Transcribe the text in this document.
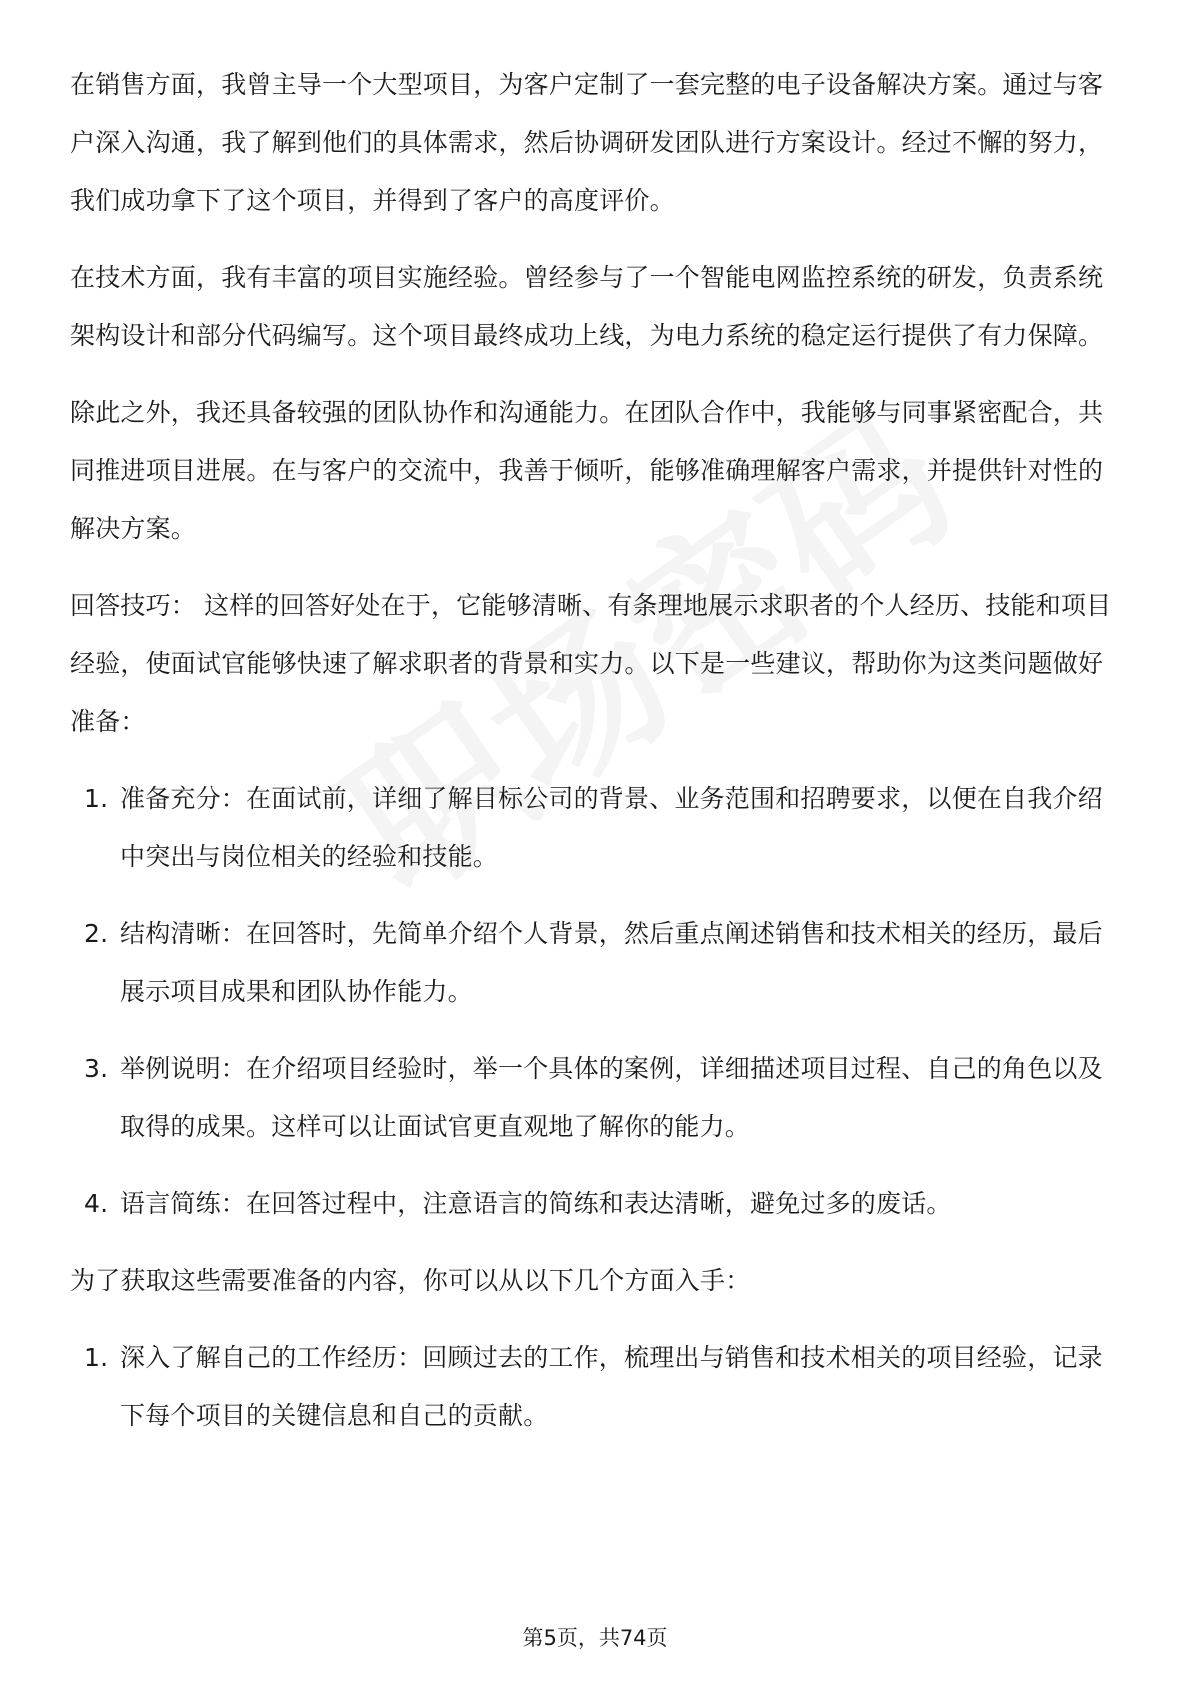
在销售方面，我曾主导一个大型项目，为客户定制了一套完整的电子设备解决方案。通过与客户深入沟通，我了解到他们的具体需求，然后协调研发团队进行方案设计。经过不懈的努力，我们成功拿下了这个项目，并得到了客户的高度评价。

在技术方面，我有丰富的项目实施经验。曾经参与了一个智能电网监控系统的研发，负责系统架构设计和部分代码编写。这个项目最终成功上线，为电力系统的稳定运行提供了有力保障。

除此之外，我还具备较强的团队协作和沟通能力。在团队合作中，我能够与同事紧密配合，共同推进项目进展。在与客户的交流中，我善于倾听，能够准确理解客户需求，并提供针对性的解决方案。

回答技巧： 这样的回答好处在于，它能够清晰、有条理地展示求职者的个人经历、技能和项目经验，使面试官能够快速了解求职者的背景和实力。以下是一些建议，帮助你为这类问题做好准备：

1. 准备充分：在面试前，详细了解目标公司的背景、业务范围和招聘要求，以便在自我介绍中突出与岗位相关的经验和技能。
2. 结构清晰：在回答时，先简单介绍个人背景，然后重点阐述销售和技术相关的经历，最后展示项目成果和团队协作能力。
3. 举例说明：在介绍项目经验时，举一个具体的案例，详细描述项目过程、自己的角色以及取得的成果。这样可以让面试官更直观地了解你的能力。
4. 语言简练：在回答过程中，注意语言的简练和表达清晰，避免过多的废话。

为了获取这些需要准备的内容，你可以从以下几个方面入手：

1. 深入了解自己的工作经历：回顾过去的工作，梳理出与销售和技术相关的项目经验，记录下每个项目的关键信息和自己的贡献。
第5页，共74页
